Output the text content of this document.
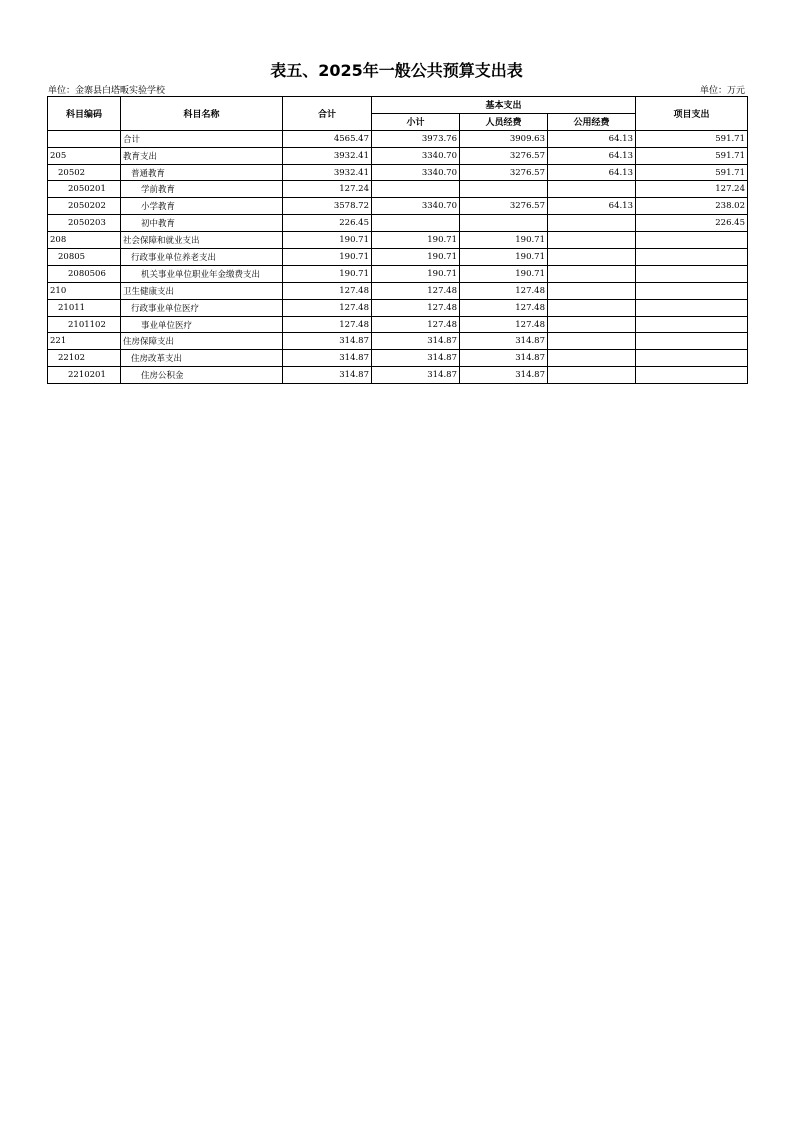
表五、2025年一般公共预算支出表
单位：金寨县白塔畈实验学校	单位：万元
科目编码	科目名称	合计	基本支出			项目支出
			小计	人员经费	公用经费	
	合计	4565.47	3973.76	3909.63	64.13	591.71
205	教育支出	3932.41	3340.70	3276.57	64.13	591.71
20502	普通教育	3932.41	3340.70	3276.57	64.13	591.71
2050201	学前教育	127.24				127.24
2050202	小学教育	3578.72	3340.70	3276.57	64.13	238.02
2050203	初中教育	226.45				226.45
208	社会保障和就业支出	190.71	190.71	190.71		
20805	行政事业单位养老支出	190.71	190.71	190.71		
2080506	机关事业单位职业年金缴费支出	190.71	190.71	190.71		
210	卫生健康支出	127.48	127.48	127.48		
21011	行政事业单位医疗	127.48	127.48	127.48		
2101102	事业单位医疗	127.48	127.48	127.48		
221	住房保障支出	314.87	314.87	314.87		
22102	住房改革支出	314.87	314.87	314.87		
2210201	住房公积金	314.87	314.87	314.87		
